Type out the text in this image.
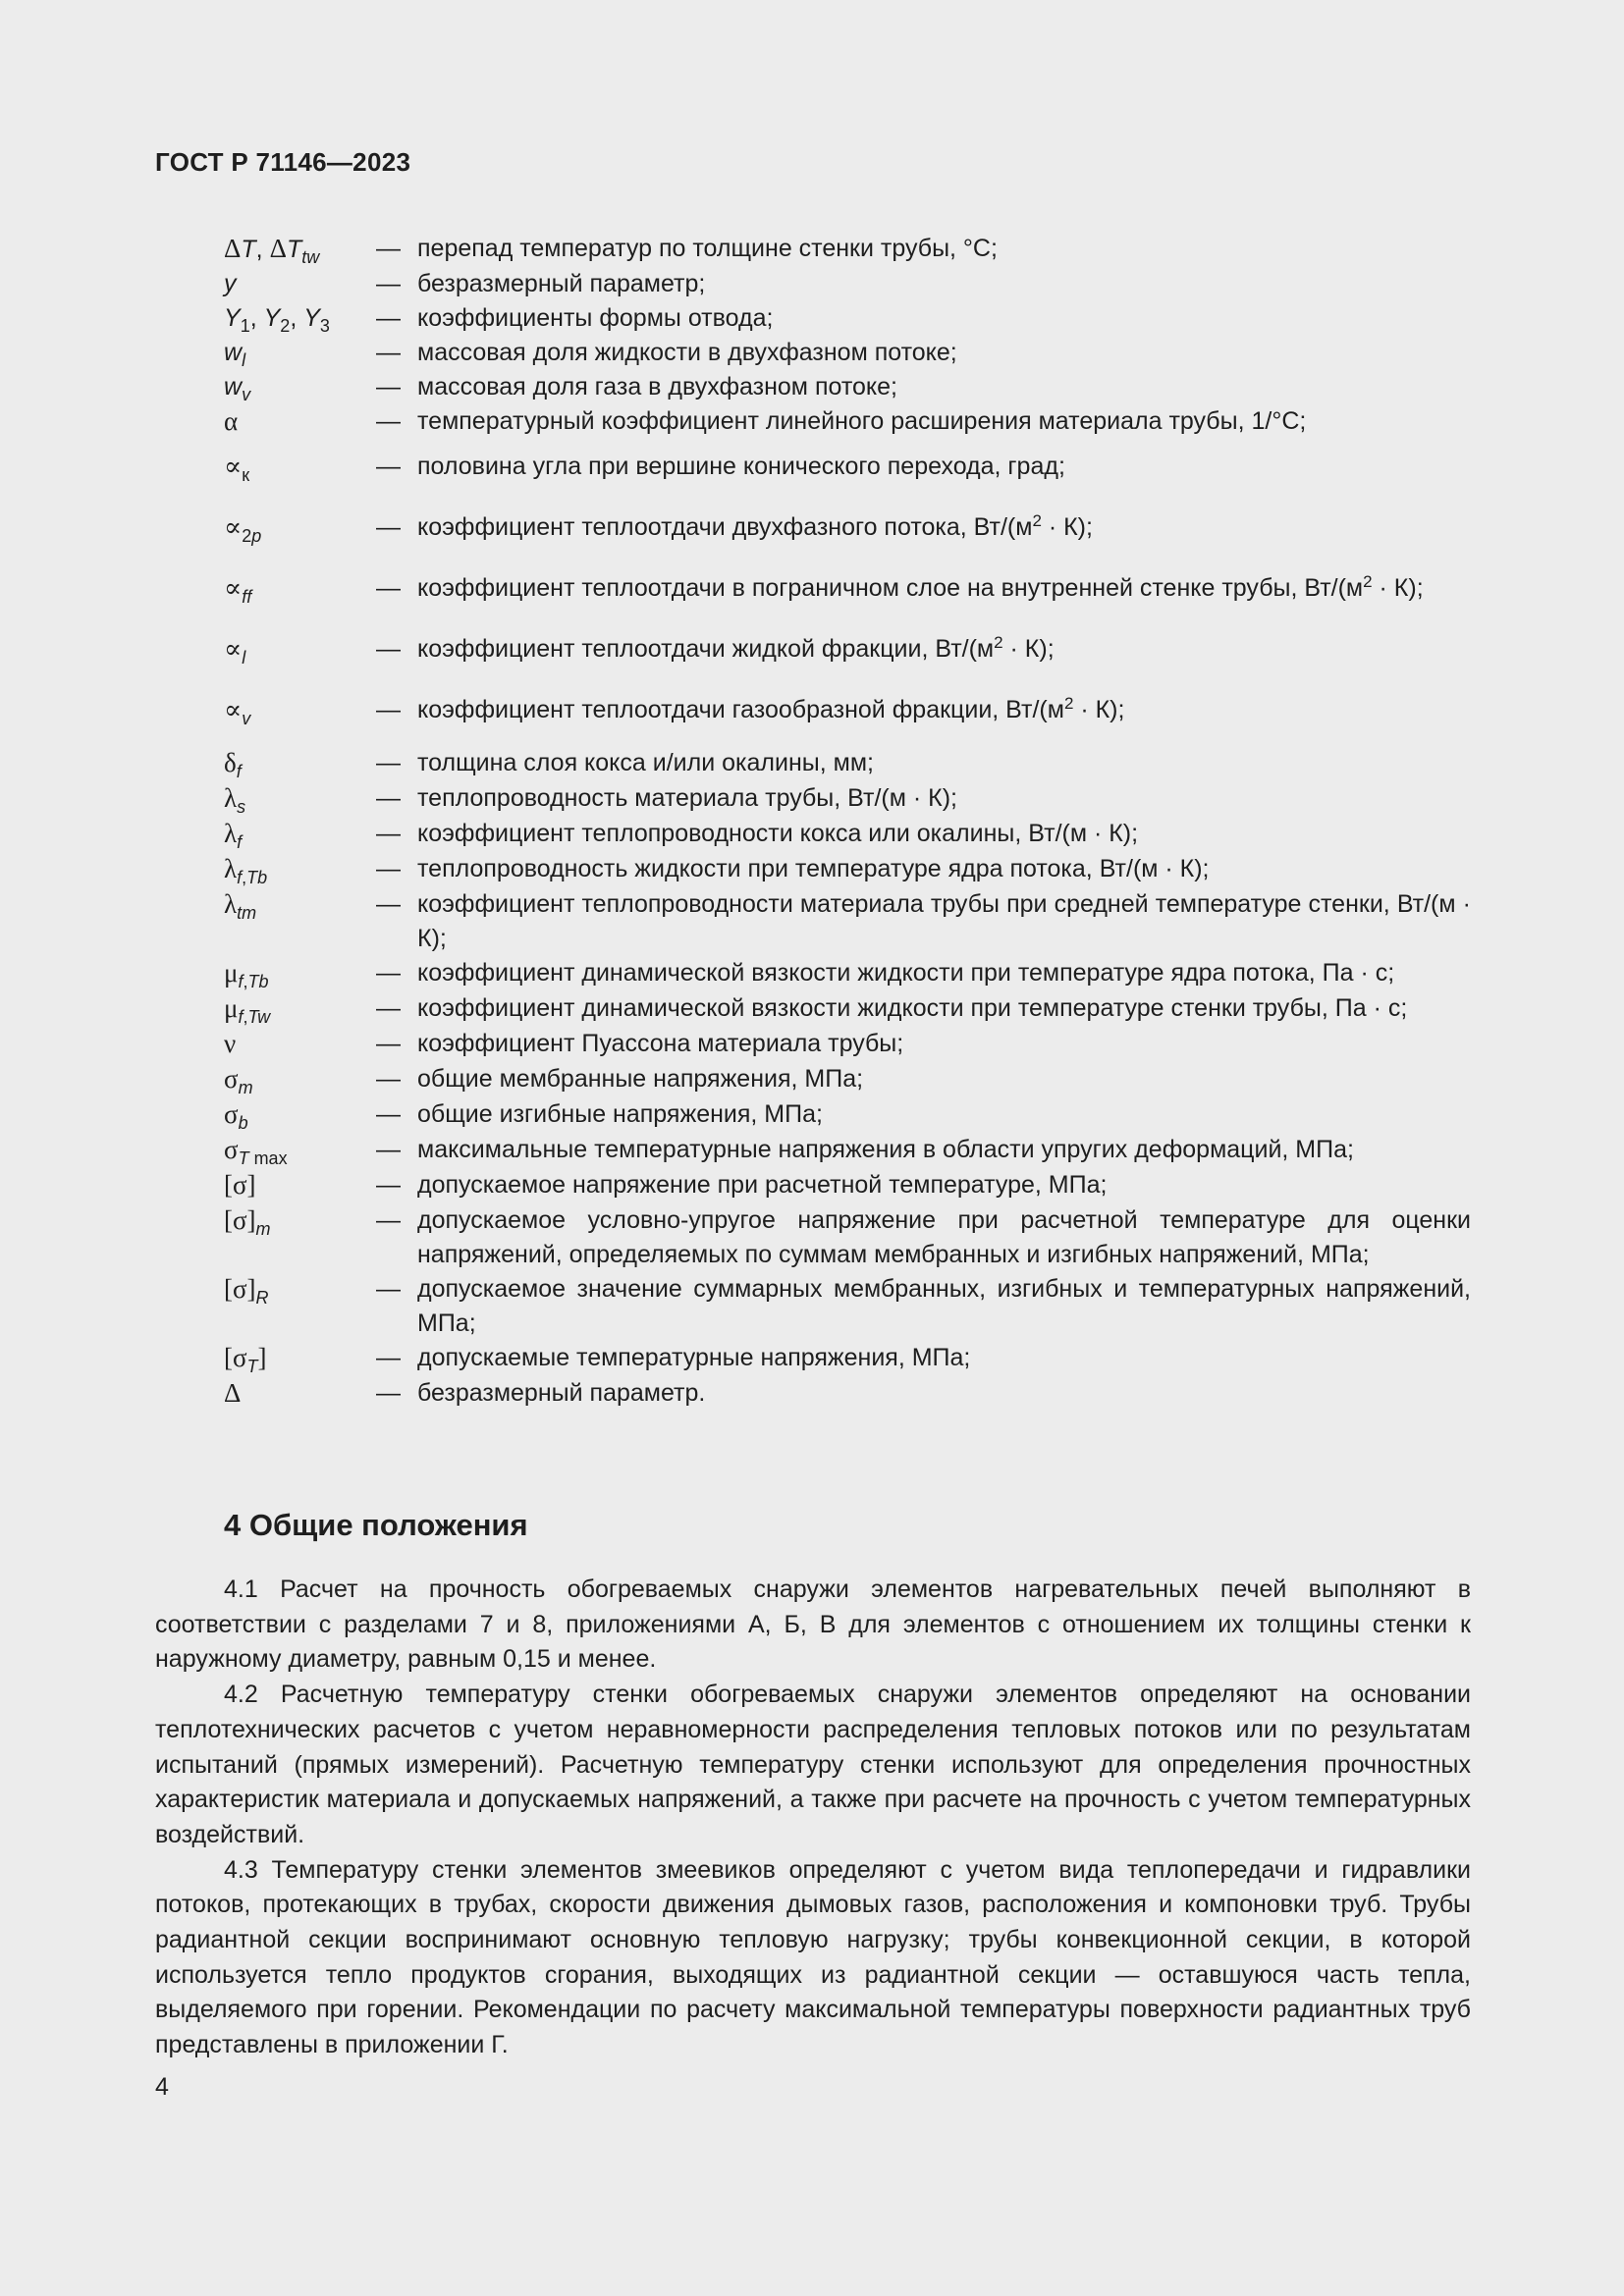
ГОСТ Р 71146—2023
ΔT, $\Delta T_{tw}$	— перепад температур по толщине стенки трубы, °C;
y	— безразмерный параметр;
$Y_1$, $Y_2$, $Y_3$	— коэффициенты формы отвода;
$w_l$	— массовая доля жидкости в двухфазном потоке;
$w_v$	— массовая доля газа в двухфазном потоке;
α	— температурный коэффициент линейного расширения материала трубы, 1/°C;
$\propto_к$	— половина угла при вершине конического перехода, град;
$\propto_{2p}$	— коэффициент теплоотдачи двухфазного потока, $Вт/(м^2 \cdot К)$;
$\propto_{ff}$	— коэффициент теплоотдачи в пограничном слое на внутренней стенке трубы, $Вт/(м^2 \cdot К)$;
$\propto_l$	— коэффициент теплоотдачи жидкой фракции, $Вт/(м^2 \cdot К)$;
$\propto_v$	— коэффициент теплоотдачи газообразной фракции, $Вт/(м^2 \cdot К)$;
$\delta_f$	— толщина слоя кокса и/или окалины, мм;
$\lambda_s$	— теплопроводность материала трубы, Вт/(м · К);
$\lambda_f$	— коэффициент теплопроводности кокса или окалины, Вт/(м · К);
$\lambda_{f,Tb}$	— теплопроводность жидкости при температуре ядра потока, Вт/(м · К);
$\lambda_{tm}$	— коэффициент теплопроводности материала трубы при средней температуре стенки, Вт/(м · К);
$\mu_{f,Tb}$	— коэффициент динамической вязкости жидкости при температуре ядра потока, Па · с;
$\mu_{f,Tw}$	— коэффициент динамической вязкости жидкости при температуре стенки трубы, Па · с;
ν	— коэффициент Пуассона материала трубы;
$\sigma_m$	— общие мембранные напряжения, МПа;
$\sigma_b$	— общие изгибные напряжения, МПа;
$\sigma_{T max}$	— максимальные температурные напряжения в области упругих деформаций, МПа;
[σ]	— допускаемое напряжение при расчетной температуре, МПа;
$[\sigma]_m$	— допускаемое условно-упругое напряжение при расчетной температуре для оценки напряжений, определяемых по суммам мембранных и изгибных напряжений, МПа;
$[\sigma]_R$	— допускаемое значение суммарных мембранных, изгибных и температурных напряжений, МПа;
$[\sigma_T]$	— допускаемые температурные напряжения, МПа;
Δ	— безразмерный параметр.
4 Общие положения

4.1 Расчет на прочность обогреваемых снаружи элементов нагревательных печей выполняют в соответствии с разделами 7 и 8, приложениями А, Б, В для элементов с отношением их толщины стенки к наружному диаметру, равным 0,15 и менее.

4.2 Расчетную температуру стенки обогреваемых снаружи элементов определяют на основании теплотехнических расчетов с учетом неравномерности распределения тепловых потоков или по результатам испытаний (прямых измерений). Расчетную температуру стенки используют для определения прочностных характеристик материала и допускаемых напряжений, а также при расчете на прочность с учетом температурных воздействий.

4.3 Температуру стенки элементов змеевиков определяют с учетом вида теплопередачи и гидравлики потоков, протекающих в трубах, скорости движения дымовых газов, расположения и компоновки труб. Трубы радиантной секции воспринимают основную тепловую нагрузку; трубы конвекционной секции, в которой используется тепло продуктов сгорания, выходящих из радиантной секции — оставшуюся часть тепла, выделяемого при горении. Рекомендации по расчету максимальной температуры поверхности радиантных труб представлены в приложении Г.

4
